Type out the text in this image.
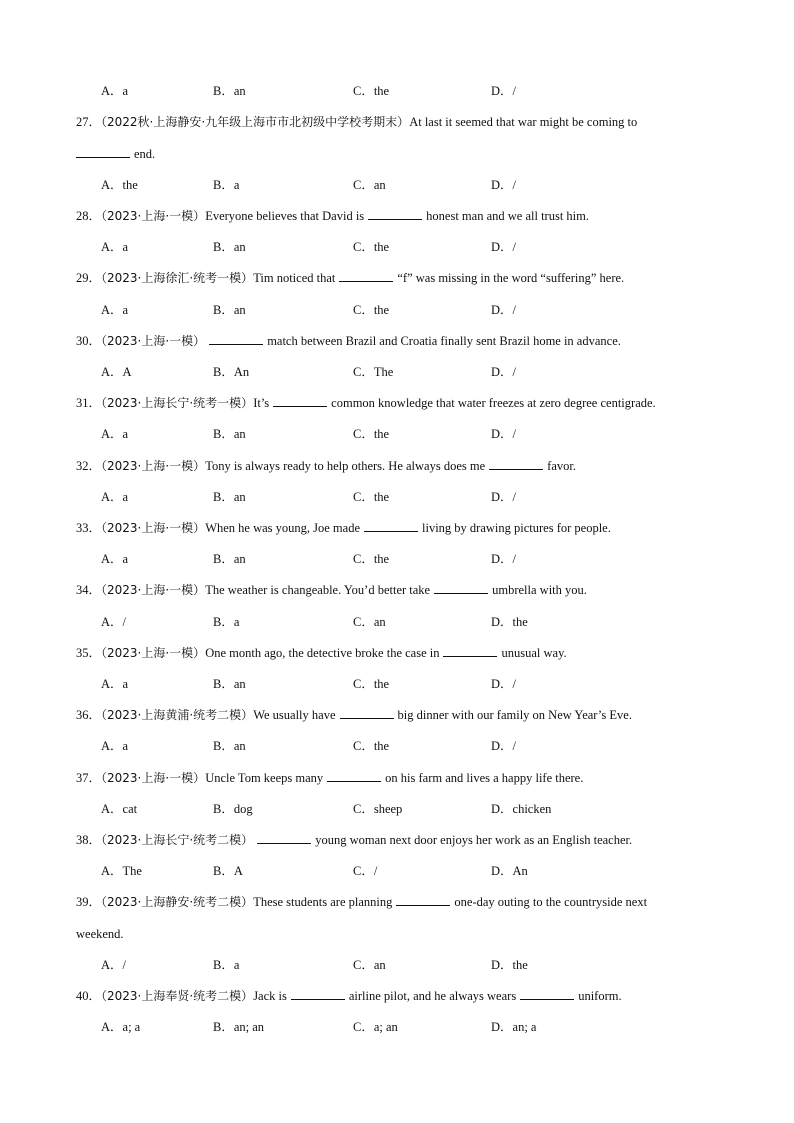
A．a	B．an	C．the	D．/
27．（2022秋·上海静安·九年级上海市市北初级中学校考期末）At last it seemed that war might be coming to
end.
A．the	B．a	C．an	D．/
28．（2023·上海·一模）Everyone believes that David is	honest man and we all trust him.
A．a	B．an	C．the	D．/
29．（2023·上海徐汇·统考一模）Tim noticed that	“f” was missing in the word “suffering” here.
A．a	B．an	C．the	D．/
30．（2023·上海·一模）	match between Brazil and Croatia finally sent Brazil home in advance.
A．A	B．An	C．The	D．/
31．（2023·上海长宁·统考一模）It’s	common knowledge that water freezes at zero degree centigrade.
A．a	B．an	C．the	D．/
32．（2023·上海·一模）Tony is always ready to help others. He always does me	favor.
A．a	B．an	C．the	D．/
33．（2023·上海·一模）When he was young, Joe made	living by drawing pictures for people.
A．a	B．an	C．the	D．/
34．（2023·上海·一模）The weather is changeable. You’d better take	umbrella with you.
A．/	B．a	C．an	D．the
35．（2023·上海·一模）One month ago, the detective broke the case in	unusual way.
A．a	B．an	C．the	D．/
36．（2023·上海黄浦·统考二模）We usually have	big dinner with our family on New Year’s Eve.
A．a	B．an	C．the	D．/
37．（2023·上海·一模）Uncle Tom keeps many	on his farm and lives a happy life there.
A．cat	B．dog	C．sheep	D．chicken
38．（2023·上海长宁·统考二模）	young woman next door enjoys her work as an English teacher.
A．The	B．A	C．/	D．An
39．（2023·上海静安·统考二模）These students are planning	one-day outing to the countryside next
weekend.
A．/	B．a	C．an	D．the
40．（2023·上海奉贤·统考二模）Jack is	airline pilot, and he always wears	uniform.
A．a; a	B．an; an	C．a; an	D．an; a
